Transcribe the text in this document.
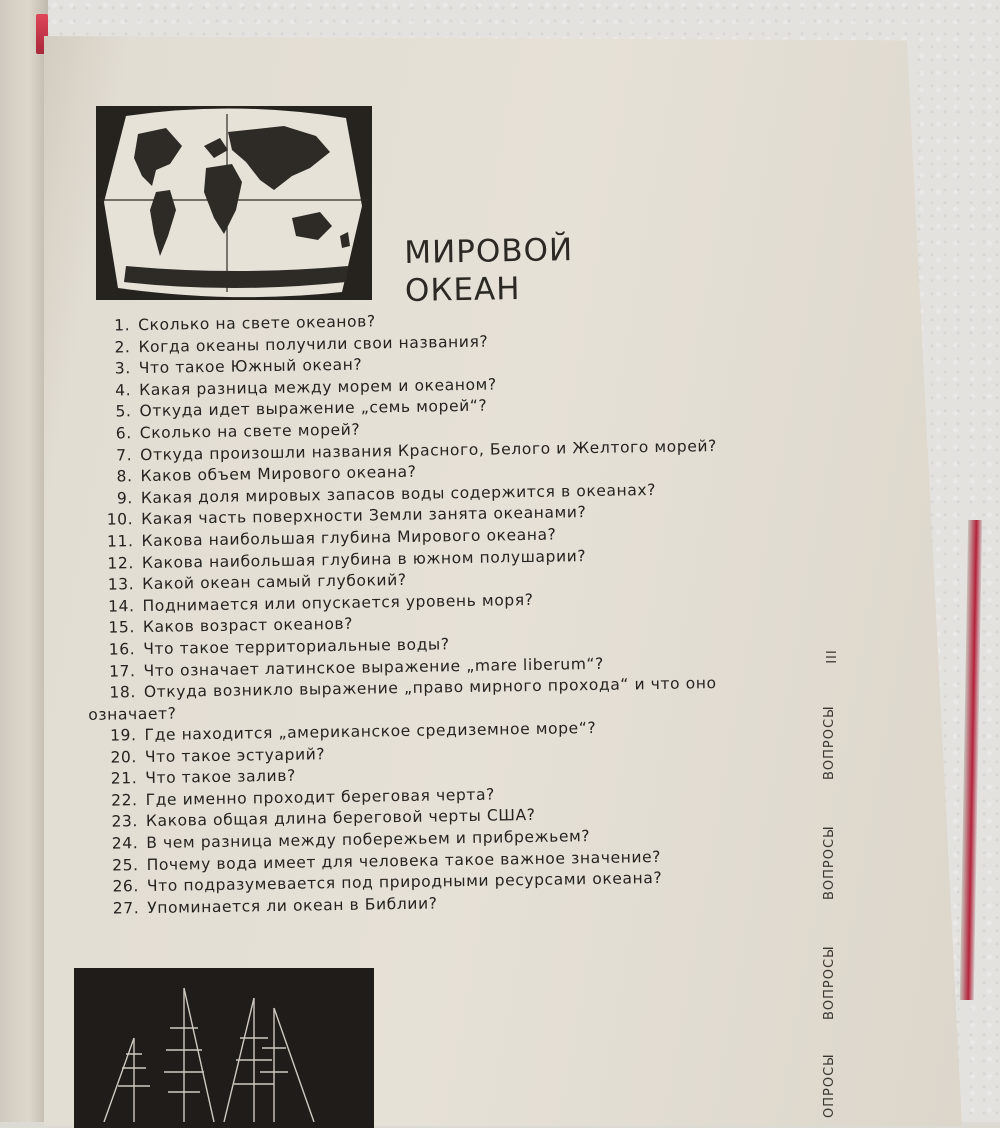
МИРОВОЙ
ОКЕАН
1. Сколько на свете океанов?
2. Когда океаны получили свои названия?
3. Что такое Южный океан?
4. Какая разница между морем и океаном?
5. Откуда идет выражение „семь морей“?
6. Сколько на свете морей?
7. Откуда произошли названия Красного, Белого и Желтого морей?
8. Каков объем Мирового океана?
9. Какая доля мировых запасов воды содержится в океанах?
10. Какая часть поверхности Земли занята океанами?
11. Какова наибольшая глубина Мирового океана?
12. Какова наибольшая глубина в южном полушарии?
13. Какой океан самый глубокий?
14. Поднимается или опускается уровень моря?
15. Каков возраст океанов?
16. Что такое территориальные воды?
17. Что означает латинское выражение „mare liberum“?
18. Откуда возникло выражение „право мирного прохода“ и что оно
означает?
19. Где находится „американское средиземное море“?
20. Что такое эстуарий?
21. Что такое залив?
22. Где именно проходит береговая черта?
23. Какова общая длина береговой черты США?
24. В чем разница между побережьем и прибрежьем?
25. Почему вода имеет для человека такое важное значение?
26. Что подразумевается под природными ресурсами океана?
27. Упоминается ли океан в Библии?
III
ВОПРОСЫ
ВОПРОСЫ
ВОПРОСЫ
ОПРОСЫ
